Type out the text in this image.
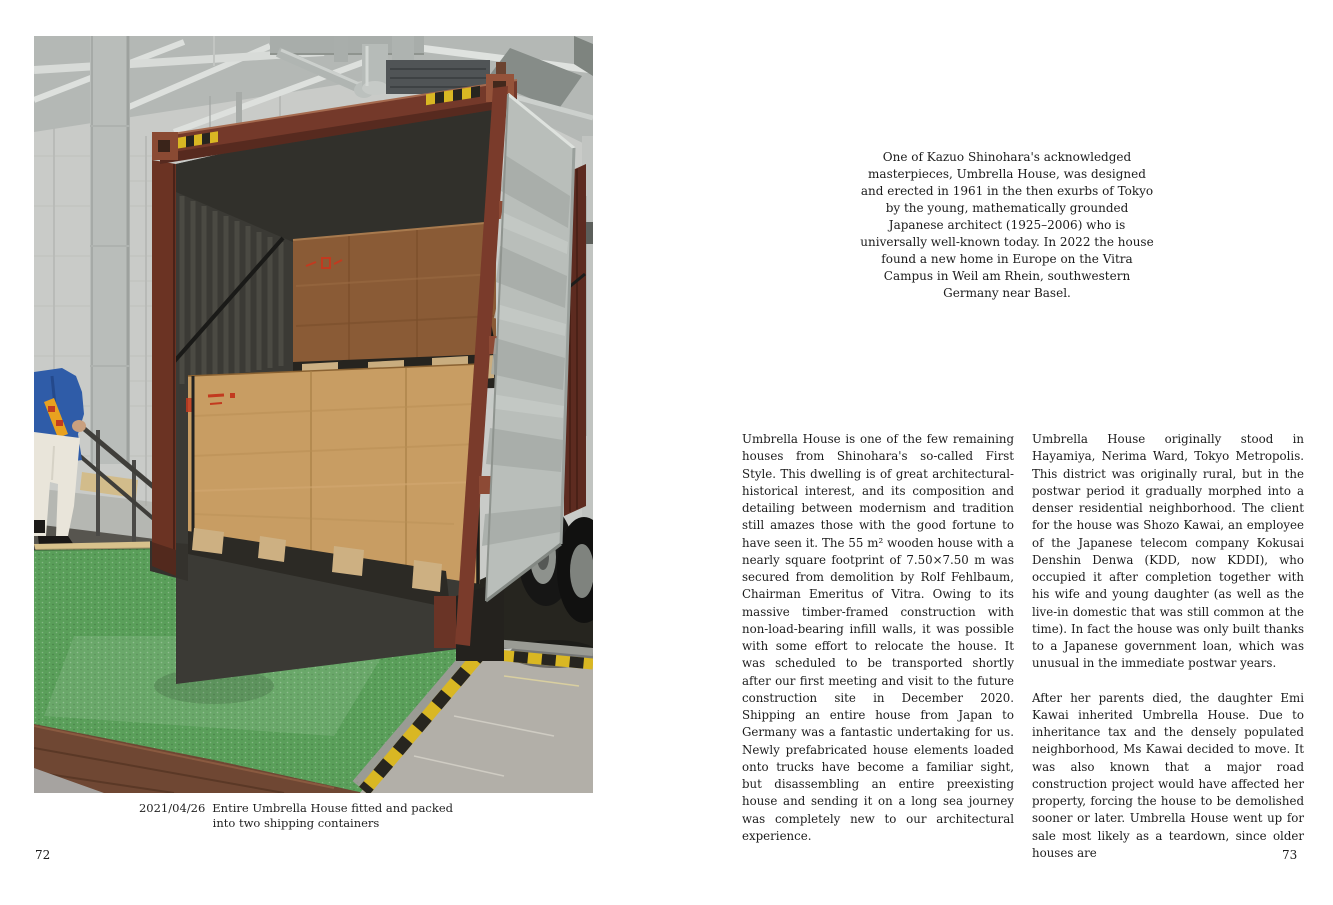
2021/04/26 Entire Umbrella House fitted and packed into two shipping containers
72
One of Kazuo Shinohara's acknowledged masterpieces, Umbrella House, was designed and erected in 1961 in the then exurbs of Tokyo by the young, mathematically grounded Japanese architect (1925–2006) who is universally well-known today. In 2022 the house found a new home in Europe on the Vitra Campus in Weil am Rhein, southwestern Germany near Basel.

Umbrella House is one of the few remaining houses from Shinohara's so-called First Style. This dwelling is of great architectural-historical interest, and its composition and detailing between modernism and tradition still amazes those with the good fortune to have seen it. The 55 m² wooden house with a nearly square footprint of 7.50×7.50 m was secured from demolition by Rolf Fehlbaum, Chairman Emeritus of Vitra. Owing to its massive timber-framed construction with non-load-bearing infill walls, it was possible with some effort to relocate the house. It was scheduled to be transported shortly after our first meeting and visit to the future construction site in December 2020. Shipping an entire house from Japan to Germany was a fantastic undertaking for us. Newly prefabricated house elements loaded onto trucks have become a familiar sight, but disassembling an entire preexisting house and sending it on a long sea journey was completely new to our architectural experience.

Umbrella House originally stood in Hayamiya, Nerima Ward, Tokyo Metropolis. This district was originally rural, but in the postwar period it gradually morphed into a denser residential neighborhood. The client for the house was Shozo Kawai, an employee of the Japanese telecom company Kokusai Denshin Denwa (KDD, now KDDI), who occupied it after completion together with his wife and young daughter (as well as the live-in domestic that was still common at the time). In fact the house was only built thanks to a Japanese government loan, which was unusual in the immediate postwar years.

After her parents died, the daughter Emi Kawai inherited Umbrella House. Due to inheritance tax and the densely populated neighborhood, Ms Kawai decided to move. It was also known that a major road construction project would have affected her property, forcing the house to be demolished sooner or later. Umbrella House went up for sale most likely as a teardown, since older houses are	73
